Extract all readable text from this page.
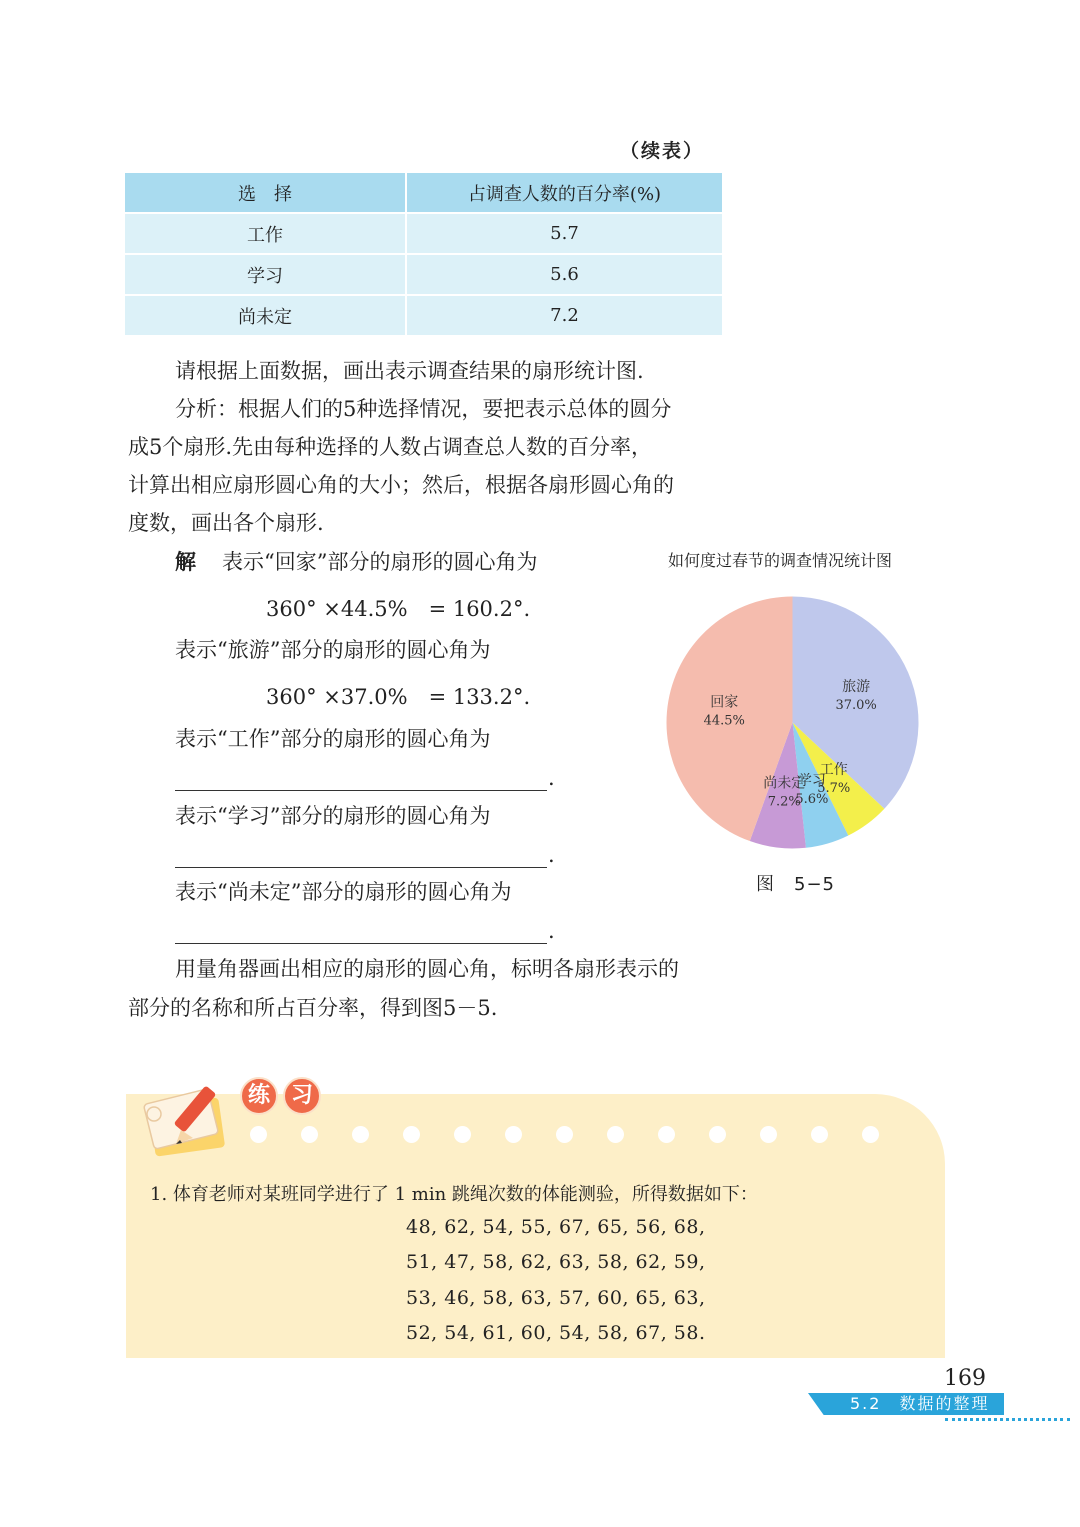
（续表）
选　择	占调查人数的百分率(%)
工作	5.7
学习	5.6
尚未定	7.2
请根据上面数据，画出表示调查结果的扇形统计图.
分析：根据人们的5种选择情况，要把表示总体的圆分
成5个扇形.先由每种选择的人数占调查总人数的百分率，
计算出相应扇形圆心角的大小；然后，根据各扇形圆心角的
度数，画出各个扇形.
解 表示“回家”部分的扇形的圆心角为
360° ×44.5%　= 160.2°.
表示“旅游”部分的扇形的圆心角为
360° ×37.0%　= 133.2°.
表示“工作”部分的扇形的圆心角为
.
表示“学习”部分的扇形的圆心角为
.
表示“尚未定”部分的扇形的圆心角为
.
用量角器画出相应的扇形的圆心角，标明各扇形表示的
部分的名称和所占百分率，得到图5－5.
如何度过春节的调查情况统计图
旅游
37.0%
工作
5.7%
学习
5.6%
尚未定
7.2%
回家
44.5%
图　5−5
练 习
1. 体育老师对某班同学进行了 1 min 跳绳次数的体能测验，所得数据如下：
48, 62, 54, 55, 67, 65, 56, 68,
51, 47, 58, 62, 63, 58, 62, 59,
53, 46, 58, 63, 57, 60, 65, 63,
52, 54, 61, 60, 54, 58, 67, 58.
169
5.2　数据的整理
